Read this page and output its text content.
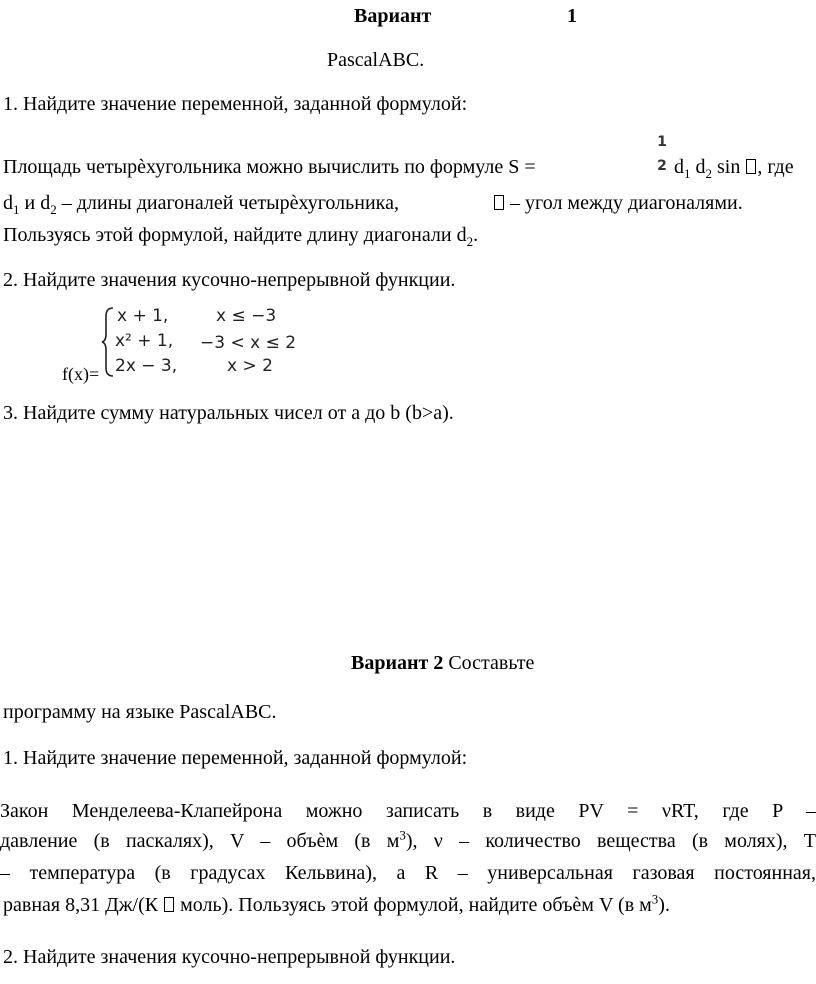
Вариант	1
PascalABC.
1. Найдите значение переменной, заданной формулой:
1
2
Площадь четырѐхугольника можно вычислить по формуле S =	$d_1$ $d_2$ sin , где
$d_1$ и $d_2$ – длины диагоналей четырѐхугольника,	– угол между диагоналями.
Пользуясь этой формулой, найдите длину диагонали $d_2$.
2. Найдите значения кусочно-непрерывной функции.
x + 1,	x ≤ −3
x² + 1, −3 < x ≤ 2
2x − 3,	x > 2
f(x)=
3. Найдите сумму натуральных чисел от a до b (b>a).
Вариант 2 Составьте
программу на языке PascalABC.
1. Найдите значение переменной, заданной формулой:
Закон Менделеева-Клапейрона можно записать в виде PV = νRT, где P –
давление (в паскалях), V – объѐм (в $м^3$), ν – количество вещества (в молях), T
– температура (в градусах Кельвина), а R – универсальная газовая постоянная,
равная 8,31 Дж/(К моль). Пользуясь этой формулой, найдите объѐм V (в $м^3$).
2. Найдите значения кусочно-непрерывной функции.
